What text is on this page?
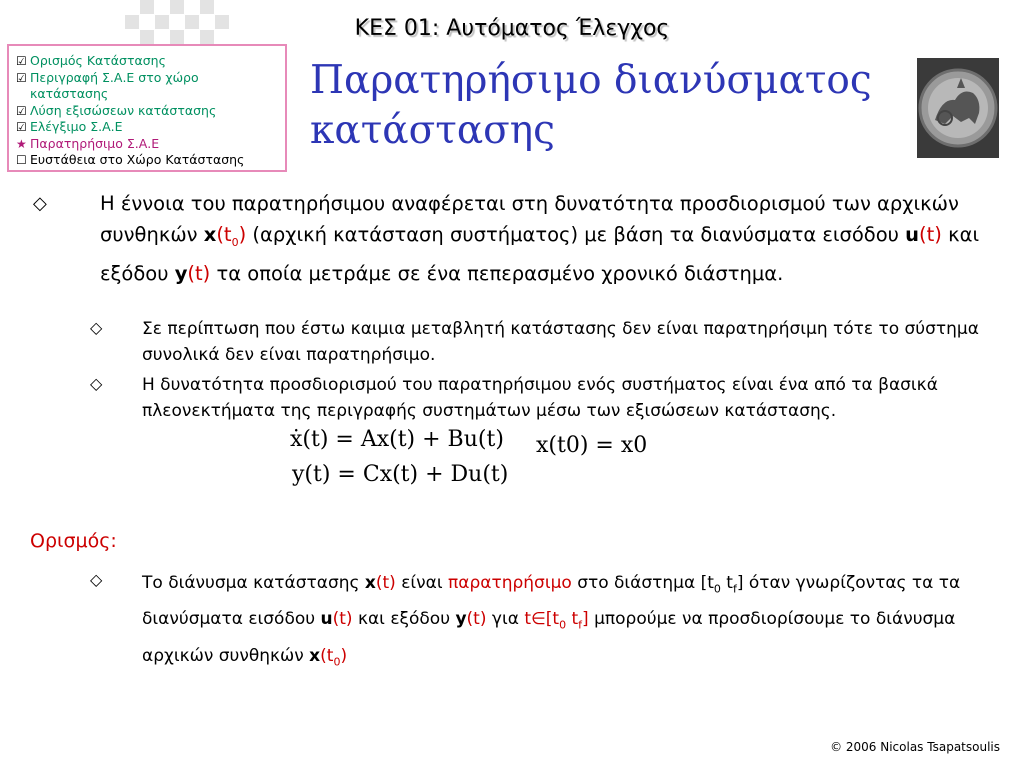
ΚΕΣ 01: Αυτόματος Έλεγχος
☑ Ορισμός Κατάστασης
☑ Περιγραφή Σ.Α.Ε στο χώρο κατάστασης
☑ Λύση εξισώσεων κατάστασης
☑ Ελέγξιμο Σ.Α.Ε
★ Παρατηρήσιμο Σ.Α.Ε
☐ Ευστάθεια στο Χώρο Κατάστασης
Παρατηρήσιμο διανύσματος
κατάστασης
◇	Η έννοια του παρατηρήσιμου αναφέρεται στη δυνατότητα προσδιορισμού των αρχικών συνθηκών $x(t_0)$ (αρχική κατάσταση συστήματος) με βάση τα διανύσματα εισόδου u(t) και εξόδου y(t) τα οποία μετράμε σε ένα πεπερασμένο χρονικό διάστημα.
◇ Σε περίπτωση που έστω καιμια μεταβλητή κατάστασης δεν είναι παρατηρήσιμη τότε το σύστημα συνολικά δεν είναι παρατηρήσιμο.
◇ Η δυνατότητα προσδιορισμού του παρατηρήσιμου ενός συστήματος είναι ένα από τα βασικά πλεονεκτήματα της περιγραφής συστημάτων μέσω των εξισώσεων κατάστασης.
ẋ(t) = Ax(t) + Bu(t)
y(t) = Cx(t) + Du(t)
x(t0) = x0
Ορισμός:
◇ Το διάνυσμα κατάστασης x(t) είναι παρατηρήσιμο στο διάστημα [$t_0$ $t_f$] όταν γνωρίζοντας τα τα διανύσματα εισόδου u(t) και εξόδου y(t) για $t\in[t_0$ $t_f$] μπορούμε να προσδιορίσουμε το διάνυσμα αρχικών συνθηκών $x(t_0)$
© 2006 Nicolas Tsapatsoulis
